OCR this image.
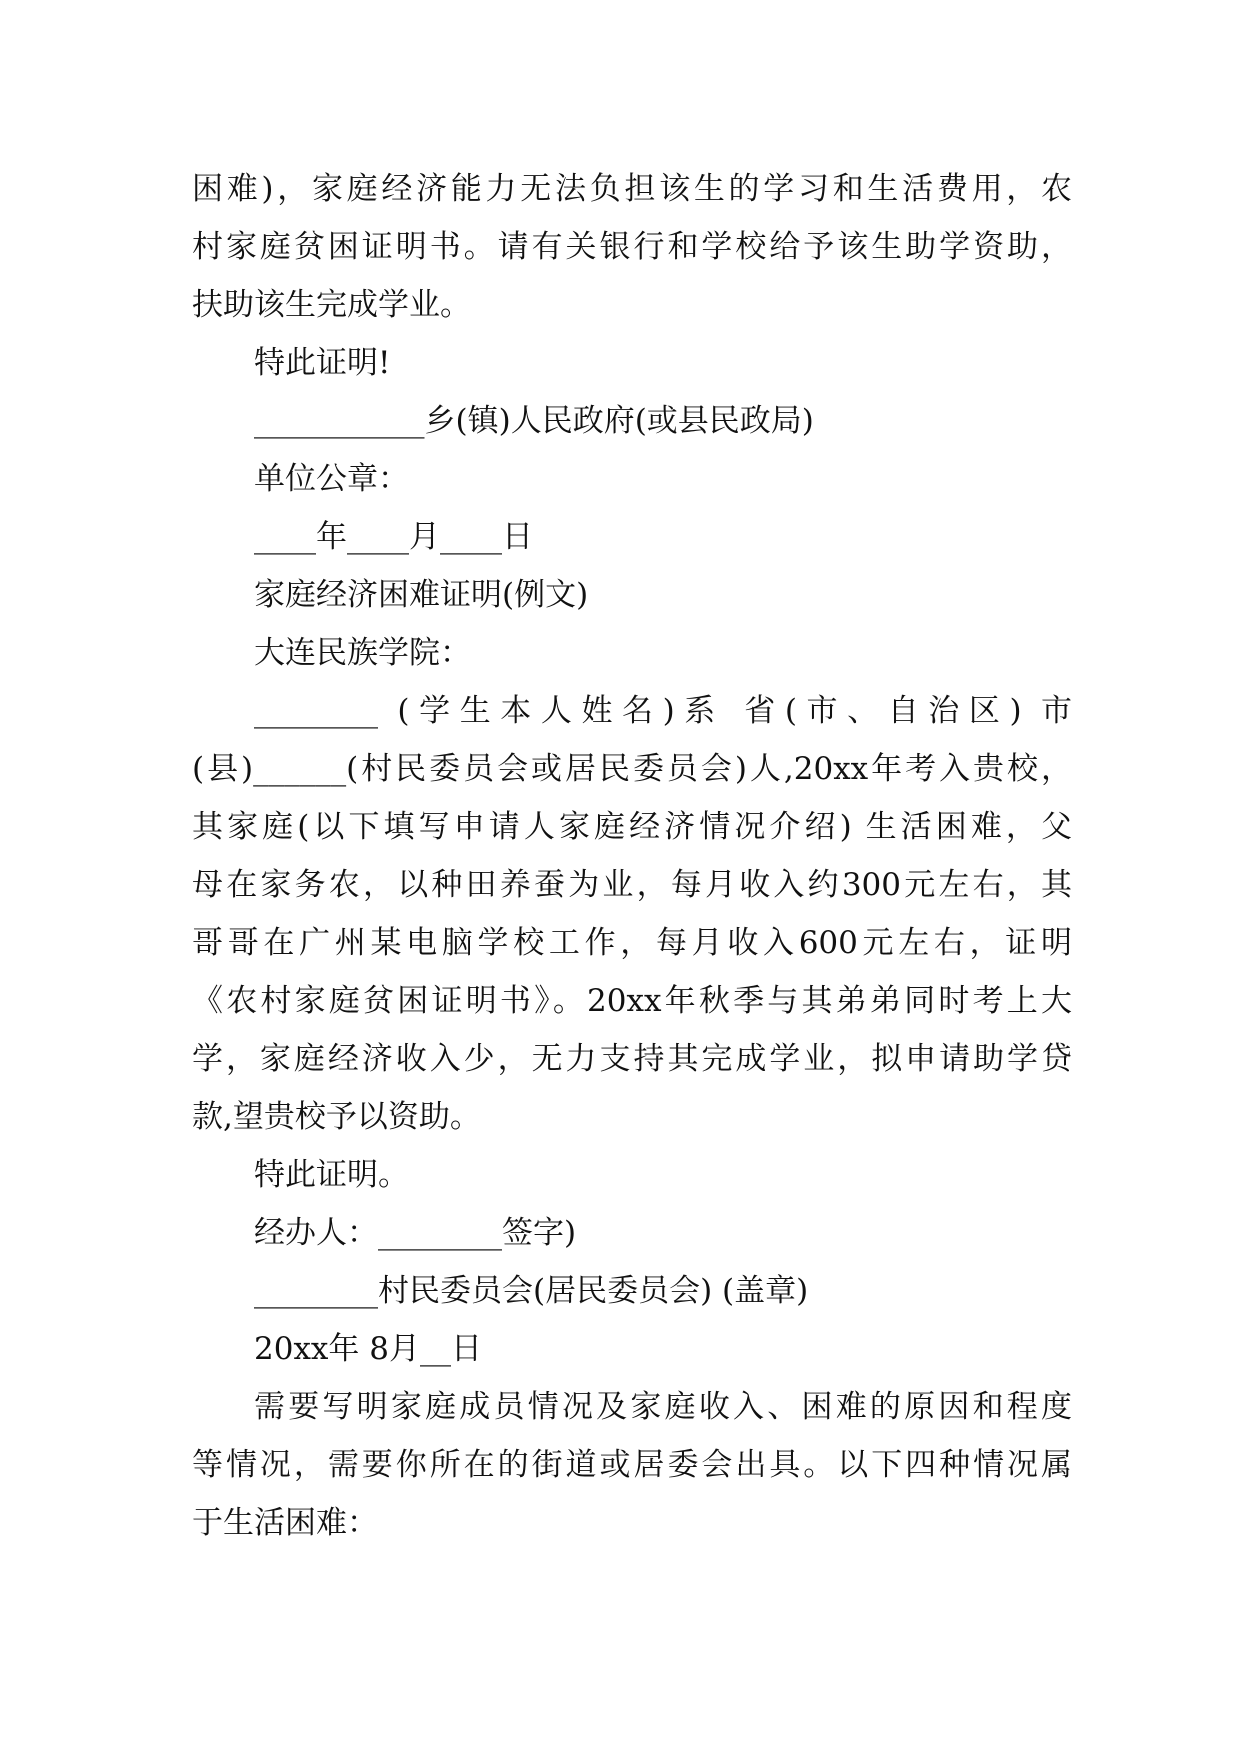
困难)，家庭经济能力无法负担该生的学习和生活费用，农
村家庭贫困证明书。请有关银行和学校给予该生助学资助，
扶助该生完成学业。
特此证明!
___________乡(镇)人民政府(或县民政局)
单位公章：
____年____月____日
家庭经济困难证明(例文)
大连民族学院：
________ (学生本人姓名)系 省(市、自治区) 市
(县)______(村民委员会或居民委员会)人,20xx年考入贵校，
其家庭(以下填写申请人家庭经济情况介绍) 生活困难，父
母在家务农，以种田养蚕为业，每月收入约300元左右，其
哥哥在广州某电脑学校工作，每月收入600元左右，证明
《农村家庭贫困证明书》。20xx年秋季与其弟弟同时考上大
学，家庭经济收入少，无力支持其完成学业，拟申请助学贷
款,望贵校予以资助。
特此证明。
经办人：________签字)
________村民委员会(居民委员会) (盖章)
20xx年 8月__日
需要写明家庭成员情况及家庭收入、困难的原因和程度
等情况，需要你所在的街道或居委会出具。以下四种情况属
于生活困难：
